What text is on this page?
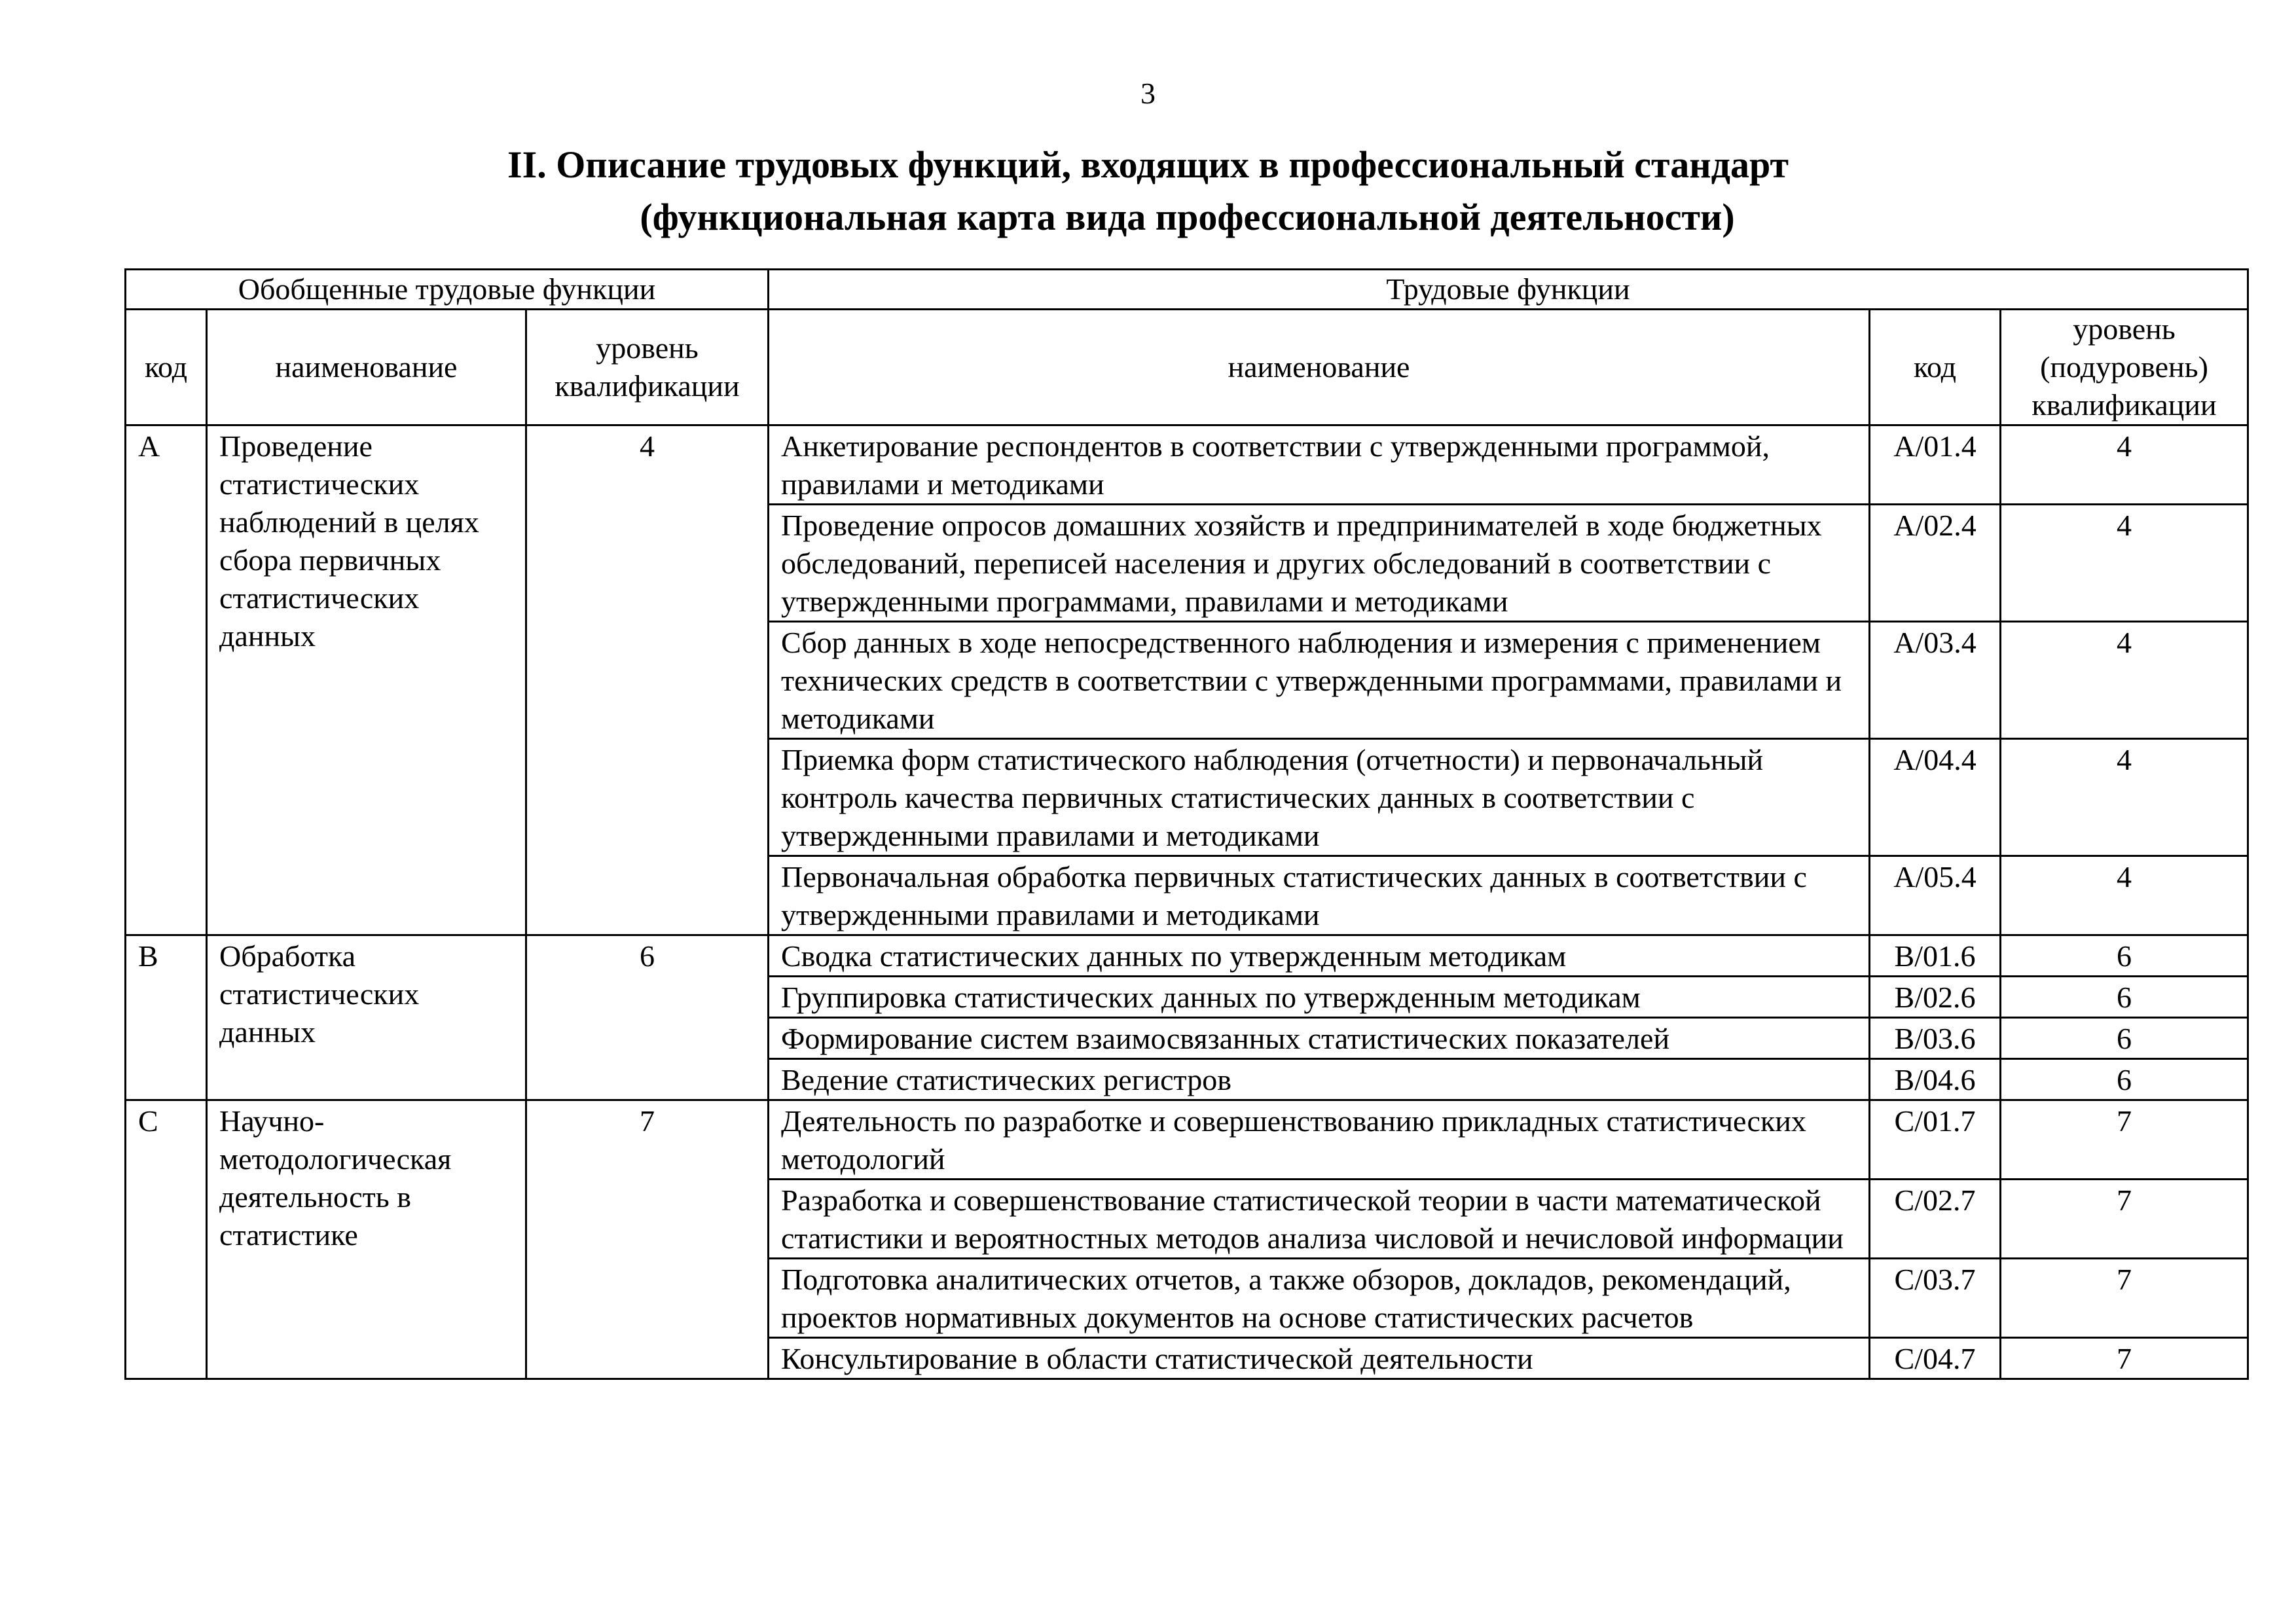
3
II. Описание трудовых функций, входящих в профессиональный стандарт
(функциональная карта вида профессиональной деятельности)
Обобщенные трудовые функции			Трудовые функции		
код	наименование	уровень квалификации	наименование	код	уровень (подуровень) квалификации
A	Проведение статистических наблюдений в целях сбора первичных статистических данных	4	Анкетирование респондентов в соответствии с утвержденными программой, правилами и методиками	A/01.4	4
			Проведение опросов домашних хозяйств и предпринимателей в ходе бюджетных обследований, переписей населения и других обследований в соответствии с утвержденными программами, правилами и методиками	A/02.4	4
			Сбор данных в ходе непосредственного наблюдения и измерения с применением технических средств в соответствии с утвержденными программами, правилами и методиками	A/03.4	4
			Приемка форм статистического наблюдения (отчетности) и первоначальный контроль качества первичных статистических данных в соответствии с утвержденными правилами и методиками	A/04.4	4
			Первоначальная обработка первичных статистических данных в соответствии с утвержденными правилами и методиками	A/05.4	4
B	Обработка статистических данных	6	Сводка статистических данных по утвержденным методикам	B/01.6	6
			Группировка статистических данных по утвержденным методикам	B/02.6	6
			Формирование систем взаимосвязанных статистических показателей	B/03.6	6
			Ведение статистических регистров	B/04.6	6
C	Научно-методологическая деятельность в статистике	7	Деятельность по разработке и совершенствованию прикладных статистических методологий	C/01.7	7
			Разработка и совершенствование статистической теории в части математической статистики и вероятностных методов анализа числовой и нечисловой информации	C/02.7	7
			Подготовка аналитических отчетов, а также обзоров, докладов, рекомендаций, проектов нормативных документов на основе статистических расчетов	C/03.7	7
			Консультирование в области статистической деятельности	C/04.7	7
